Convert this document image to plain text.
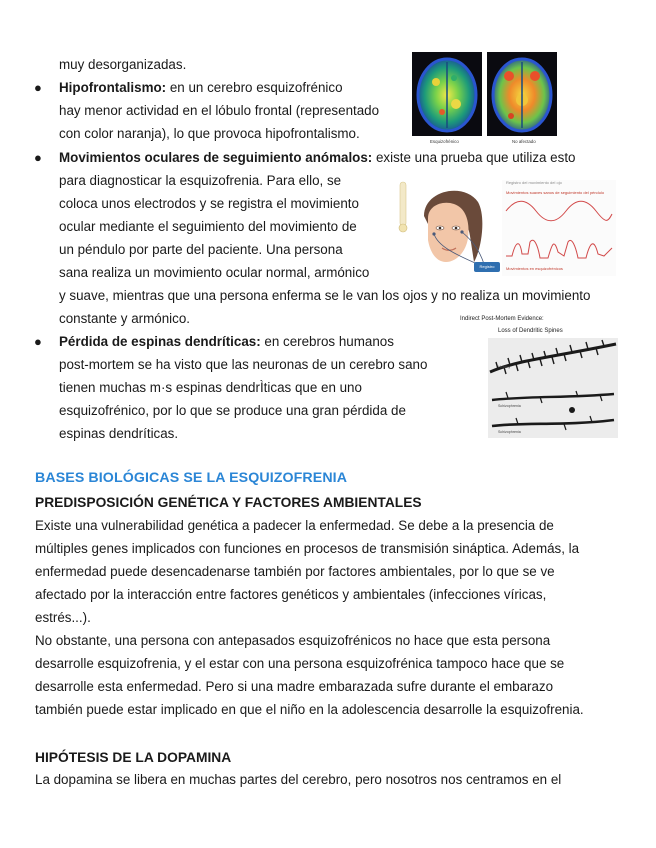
muy desorganizadas.
● Hipofrontalismo: en un cerebro esquizofrénico
hay menor actividad en el lóbulo frontal (representado
con color naranja), lo que provoca hipofrontalismo.
● Movimientos oculares de seguimiento anómalos: existe una prueba que utiliza esto
para diagnosticar la esquizofrenia. Para ello, se
coloca unos electrodos y se registra el movimiento
ocular mediante el seguimiento del movimiento de
un péndulo por parte del paciente. Una persona
sana realiza un movimiento ocular normal, armónico
y suave, mientras que una persona enferma se le van los ojos y no realiza un movimiento
constante y armónico.
● Pérdida de espinas dendríticas: en cerebros humanos
post-mortem se ha visto que las neuronas de un cerebro sano
tienen muchas m·s espinas dendrÌticas que en uno
esquizofrénico, por lo que se produce una gran pérdida de
espinas dendríticas.
BASES BIOLÓGICAS SE LA ESQUIZOFRENIA
PREDISPOSICIÓN GENÉTICA Y FACTORES AMBIENTALES
Existe una vulnerabilidad genética a padecer la enfermedad. Se debe a la presencia de
múltiples genes implicados con funciones en procesos de transmisión sináptica. Además, la
enfermedad puede desencadenarse también por factores ambientales, por lo que se ve
afectado por la interacción entre factores genéticos y ambientales (infecciones víricas,
estrés...).
No obstante, una persona con antepasados esquizofrénicos no hace que esta persona
desarrolle esquizofrenia, y el estar con una persona esquizofrénica tampoco hace que se
desarrolle esta enfermedad. Pero si una madre embarazada sufre durante el embarazo
también puede estar implicado en que el niño en la adolescencia desarrolle la esquizofrenia.
HIPÓTESIS DE LA DOPAMINA
La dopamina se libera en muchas partes del cerebro, pero nosotros nos centramos en el
Esquizofrénico	No afectado
Registro
Registro del movimiento del ojo
Movimientos suaves sanos de seguimiento del péndulo
Movimientos en esquizofrénicos
Indirect Post-Mortem Evidence:
Loss of Dendritic Spines
Healthy
Schizophrenia
Schizophrenia
